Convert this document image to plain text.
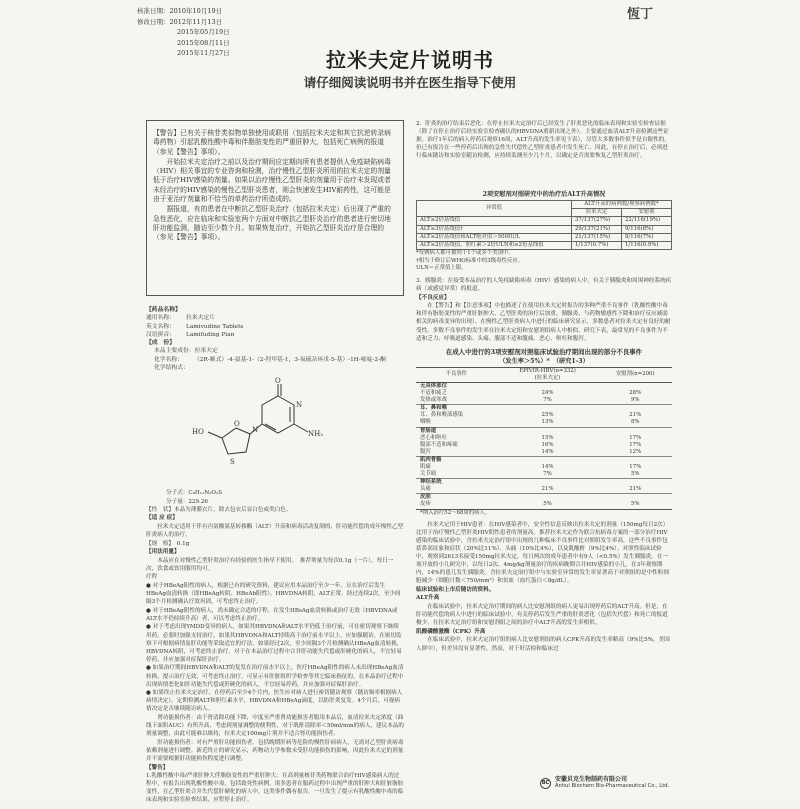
核准日期：2010年10月19日
修改日期：2012年11月13日
2015年05月19日
2015年08月11日
2015年11月27日
恆丁
拉米夫定片说明书
请仔细阅读说明书并在医生指导下使用

【警告】已有关于核苷类似物单独使用或联用（包括拉米夫定和其它抗逆转录病毒药物）引起乳酸性酸中毒和伴脂肪变性的严重肝肿大，包括死亡病例的报道（参见【警告】事项）。

开始拉米夫定治疗之前以及治疗期间应定期向所有患者提供人免疫缺陷病毒（HIV）相关事宜的专业咨询和检测，治疗慢性乙型肝炎所用的拉米夫定的剂量低于治疗HIV感染的剂量。如果以治疗慢性乙型肝炎的剂量用于治疗未发现或者未经治疗的HIV感染的慢性乙型肝炎患者，则会快速发生HIV耐药性，这可能是由于亚治疗剂量和不恰当的单药治疗所造成的。

据报道，有的患者在中断抗乙型肝炎治疗（包括拉米夫定）后出现了严重的急性恶化，应在临床和实验室两个方面对中断抗乙型肝炎治疗的患者进行密切地肝功能监测，随访至少数个月。如果恢复治疗，开始抗乙型肝炎治疗是合理的（参见【警告】事项）。

【药品名称】
通用名称：	拉米夫定片
英文名称：	Lamivudine Tablets
汉语拼音：	Lamifuding Pian
【成　份】
本品主要成份：拉米夫定
化学名称：	（2R-顺式）-4-氨基-1-（2-羟甲基-1，3-氧硫杂环戊-5-基）-1H-嘧啶-2-酮
化学结构式：
O
NH₂
N
N
S
O
HO
分子式：C₈H₁₁N₃O₃S
分子量：229.26

【性　状】本品为薄膜衣片，除去包衣后显白色或类白色。

【适 应 症】

拉米夫定适用于伴有丙氨酸氨基转移酶（ALT）升高和病毒活动复制的、肝功能代偿的成年慢性乙型肝炎病人的治疗。

【规　格】　0.1g

【用法用量】

本品应在对慢性乙型肝炎治疗有经验的医生指导下使用。　推荐剂量为每次0.1g（一片），每日一次，饮食或饮用服用均可。

疗程

● 对于HBeAg阳性的病人，根据已有的研究资料，建议应用本品治疗至少一年。且在治疗后发生HBeAg血清转换（即HBeAg转阴、HBeAb阳性），HBVDNA转阴，ALT正常，经过连续2次，至少间隔3个月检测确认疗效巩固，可考虑终止治疗。

● 对于HBeAg阴性的病人，尚未确定合适的疗程。在发生HBsAg血清转换或治疗无效（HBVDNA或ALT水平仍持续升高）者，可以考虑终止治疗。

● 对于考虑出现YMDD变异的病人，如果其HBVDNA和ALT水平仍低于治疗前，可在密切观察下继续用药。必要时加强支持治疗。如果其HBVDNA和ALT持续高于治疗前水平以上，应加强随访。在密切监察下可根据病情及肝功能等采取适宜的疗法，如果经过2次，至少间隔3个月检测确认HBeAg血清转换，HBVDNA转阴，可考虑终止治疗。对于在本品治疗过程中合并肝功能失代偿或肝硬化的病人，不宜轻易停药，并应加强对症保肝治疗。

● 如果治疗期间HBVDNA和ALT的复发在治疗前水平以上，医疗HBeAg阳性的病人未出现HBeAg血清转换，提示治疗无效，可考虑终止治疗，可显示有肝脏组织学检查等其它临床指征的，在本品治疗过程中出现病情恶化如肝功能失代偿或肝硬化的病人，不宜轻易停药，并应加强对症保肝治疗。

● 如果终止拉米夫定治疗，在停药后至少4个月内，医生应对病人进行密切随访观察（随访频率根据病人病情决定），定期检测ALT和胆红素水平，HBVDNA和HBeAg滴度，以防肝炎复发。4个月后，可视病情决定是否继续随访病人。

肾功能损伤者：由于肾清除功能下降，中度至严重肾功能损害者服用本品后，血清拉米夫定浓度（曲线下面积AUC）有所升高，考虑到剂量调整的便利性，对于肌酐清除率＜50ml/min的病人，建议本品的剂量调整，由此可能难以维持，拉米夫定100mg片剂并不适合肾功能损伤者。

肝功能损伤者：对有严重肝功能损伤者，包括晚期肝病等危险的慢性肝病病人，无需对乙型肝炎病毒依赖剂量进行调整。新近终止的研究显示，药物动力学参数未受肝功能损伤的影响，因此拉米夫定的剂量并不需要根据肝功能损伤程度进行调整。

【警告】

1.乳酸性酸中毒/严重肝肿大伴脂肪变性的严重肝肿大：在高剂量核苷类药物联合治疗HIV感染病人的过程中，有报告出现乳酸性酸中毒，包括致死性病例。诸多患者在服药过程中出现严重的肝肿大和肝脏脂肪变性，在乙型肝炎合并失代偿肝硬化的病人中，这类事件偶有报告。一旦发生了提示有乳酸性酸中毒的临床表现和实验室检查结果，应暂停止治疗。

2．肝炎的治疗结束后恶化：在停止拉米夫定治疗后已经发生了肝炎恶化的临床表现和实验室检查证据（除了在停止治疗后经实验室检查确认的HBVDNA重新出现之外）。主要通过血清ALT升高检测这些证据。治疗1年后的病人停药后观察16周，ALT升高的发生率见下表），尽管大多数事件似乎是自限性的，但已有报告在一些停药后出现的急性失代偿性乙型肝炎患者中发生死亡。因此，在停止治疗后，必须进行临床随访和实验室随访检测，应持续监测至少几个月，以确定是否需要恢复乙型肝炎治疗。

2项安慰剂对照研究中的治疗后ALT升高情况
异常值	ALT升高的病例数/观察病例数*	
	拉米夫定	安慰剂
ALT≥2倍基线值	37/137(27%)	22/116(19%)
ALT≥3倍基线值†	29/137(21%)	9/116(8%)
ALT≥2倍基线值和ALT绝对值＞500IU/L	21/137(15%)	8/116(7%)
ALT≥2倍基线值，胆红素＞2倍ULN和≥2倍基线值	1/137(0.7%)	1/116(0.9%)
*每例病人都可被列于1个或多个类别中。
†相当于修订后WHO标准中的3级毒性反应。
ULN＝正常值上限。

3．胰腺炎：在接受本品治疗的人免疫缺陷病毒（HIV）感染的病人中，有关于胰腺炎和周围神经系统疾病（或感觉异常）的报道。

【不良反应】

在【警告】和【注意事项】中也描述了在使用拉米夫定时报告的多种严重不良事件（乳酸性酸中毒和伴有脂肪变性的严重肝脏肿大、乙型肝炎的治疗后加重、胰腺炎、与药物敏感性下降和治疗反应减弱相关的病毒变异的出现）。在慢性乙型肝炎病人中进行的临床研究显示，多数患者对拉米夫定有良好的耐受性。多数不良事件的发生率在拉米夫定组和安慰剂组病人中相似。研究下表，最常见的不良事件为不适和乏力、呼吸道感染、头痛、腹部不适和腹痛、恶心、呕吐和腹泻。

在成人中进行的3项安慰剂对照临床试验治疗期间出现的部分不良事件
（发生率＞5%）*　（研究1-3）
不良事件	EPIVIR-HBV(n=332)
(拉米夫定)	安慰剂(n=200)
无具体部位		
不适和疲乏	24%	28%
发热或寒战	7%	9%
耳、鼻和喉		
耳、鼻和喉部感染	25%	21%
咽喉	13%	8%
胃肠道		
恶心和呕吐	15%	17%
腹部不适和疼痛	16%	17%
腹泻	14%	12%
肌肉骨骼		
肌痛	14%	17%
关节痛	7%	5%
神经系统		
头痛	21%	21%
皮肤		
皮疹	5%	5%
*纳入治疗52～68周的病人。		

拉米夫定用于HIV患者：在HIV感染者中，安全性信息反映出拉米夫定的剂量（150mg每日2次）比用于治疗慢性乙型肝炎HIV阴性患者的剂量高。推荐拉米夫定作为联合抗病毒方案的一部分治疗HIV感染的临床试验中，含拉米夫定治疗组中出现的几种临床不良事件比对照组发生率高，这些不良事件包括鼻部征象和症状（20%比11%）、头痛（10%比4%），以及肌酸酐（9%比4%）。对照性临床试验中，观察到2613名接受150mg拉米夫定，每日两次的成年患者中有9人（<0.5%）发生胰腺炎。在一项开放的小儿研究中，以每日2次、4mg/kg剂量治疗的疾病晚期合并HIV感染的小儿，在3年观察期内，14%的患儿发生胰腺炎。含拉米夫定治疗组中与实验室异常的发生率显著高于对照组的是中性粒细胞减少（细胞计数＜750/mm³）和贫血（血红蛋白＜8g/dL）。

临床试验和上市后随访的资料。

ALT升高

在临床试验中，拉米夫定治疗期间的病人比安慰剂组的病人更易出现停药后的ALT升高。但是，在肝功能代偿的病人中进行的临床试验中，有关停药后发生严重的肝炎恶化（包括失代偿）和死亡的报道极少。在拉米夫定治疗组和安慰剂组之间的治疗中ALT升高的发生率相似。

肌酸磷酸激酶（CPK）升高

在临床试验中，拉米夫定治疗组的病人比安慰剂组的病人CPK升高的发生率略高（9%比5%，美国人群中），但差异没有显著性。然而，对于肝活检和临床过

BC 安徽贝克生物制药有限公司
Anhui Biochem Bio-Pharmaceutical Co., Ltd.
